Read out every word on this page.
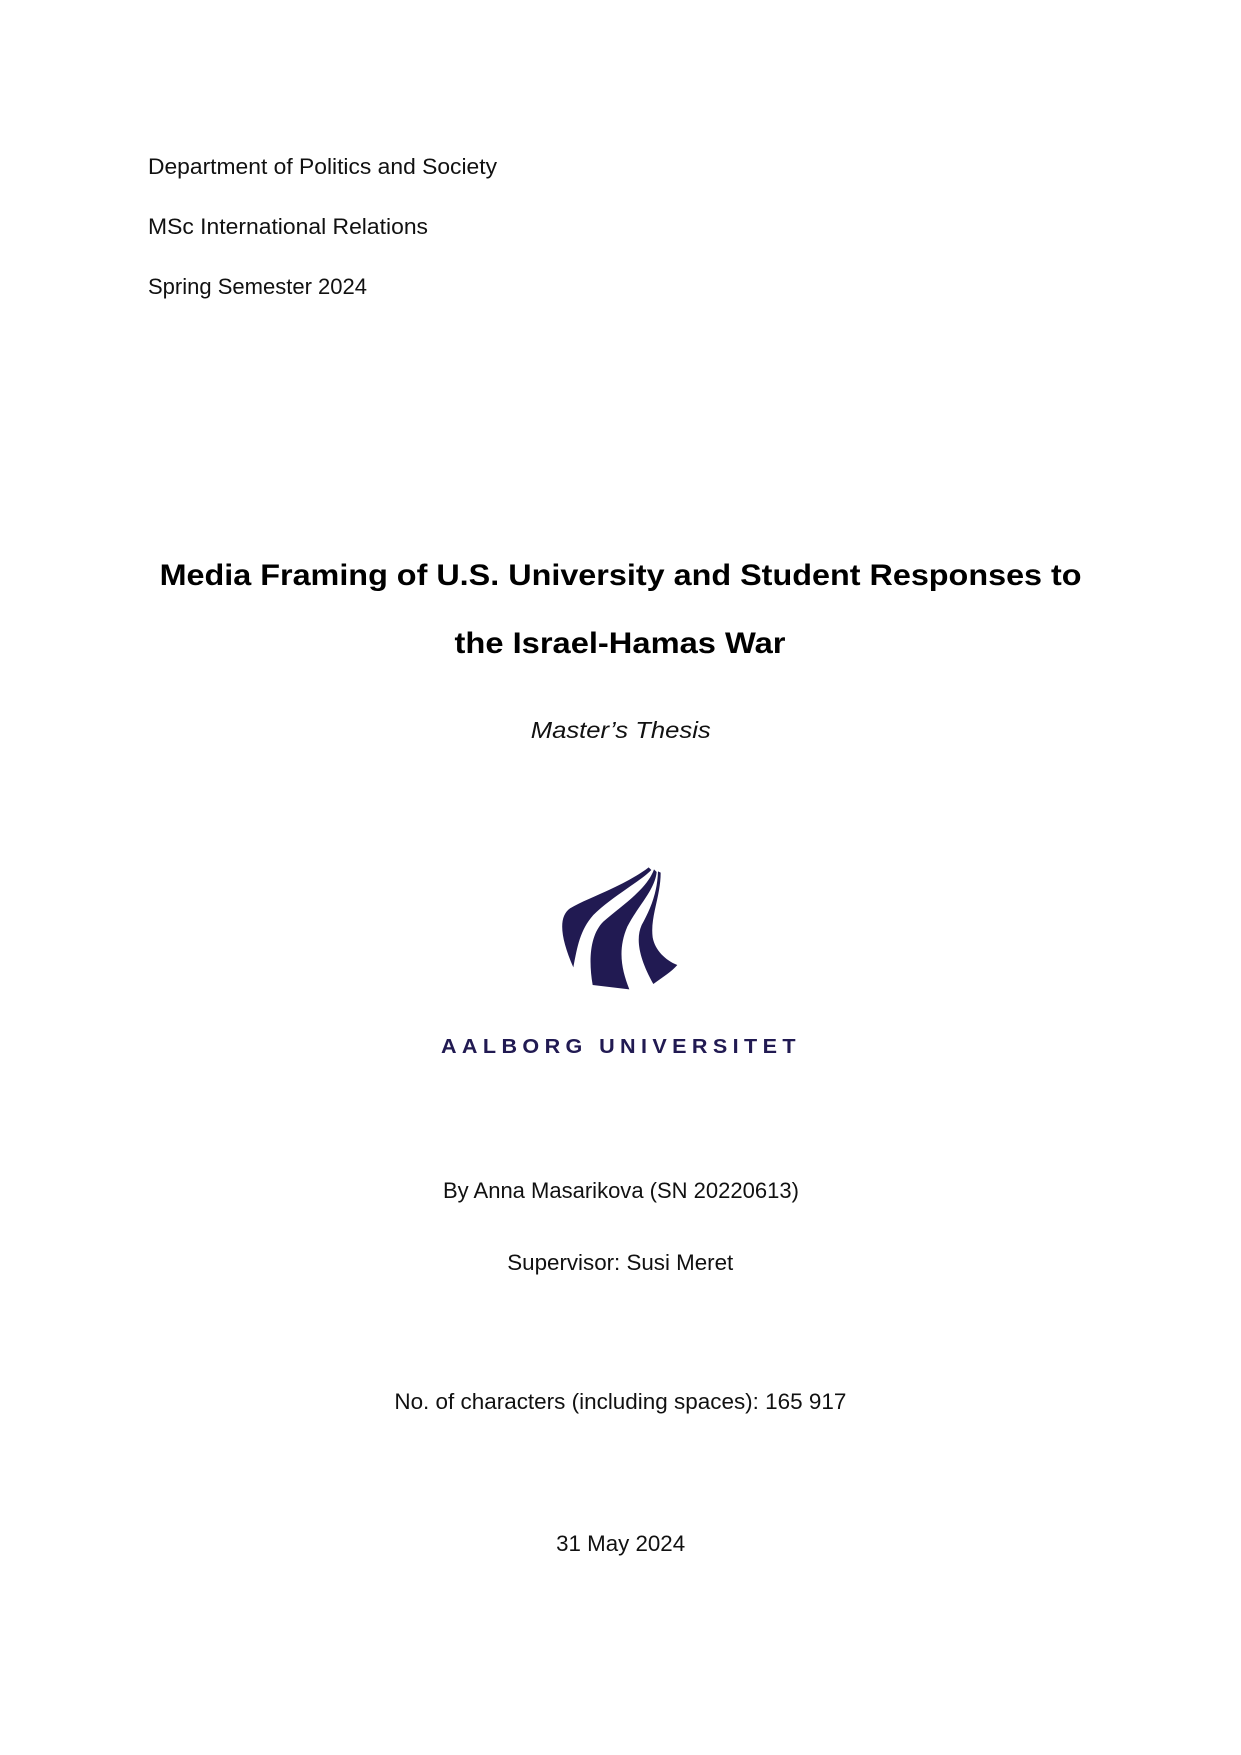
Department of Politics and Society
MSc International Relations
Spring Semester 2024
Media Framing of U.S. University and Student Responses to
the Israel-Hamas War
Master’s Thesis
AALBORG UNIVERSITET
By Anna Masarikova (SN 20220613)
Supervisor: Susi Meret
No. of characters (including spaces): 165 917
31 May 2024
